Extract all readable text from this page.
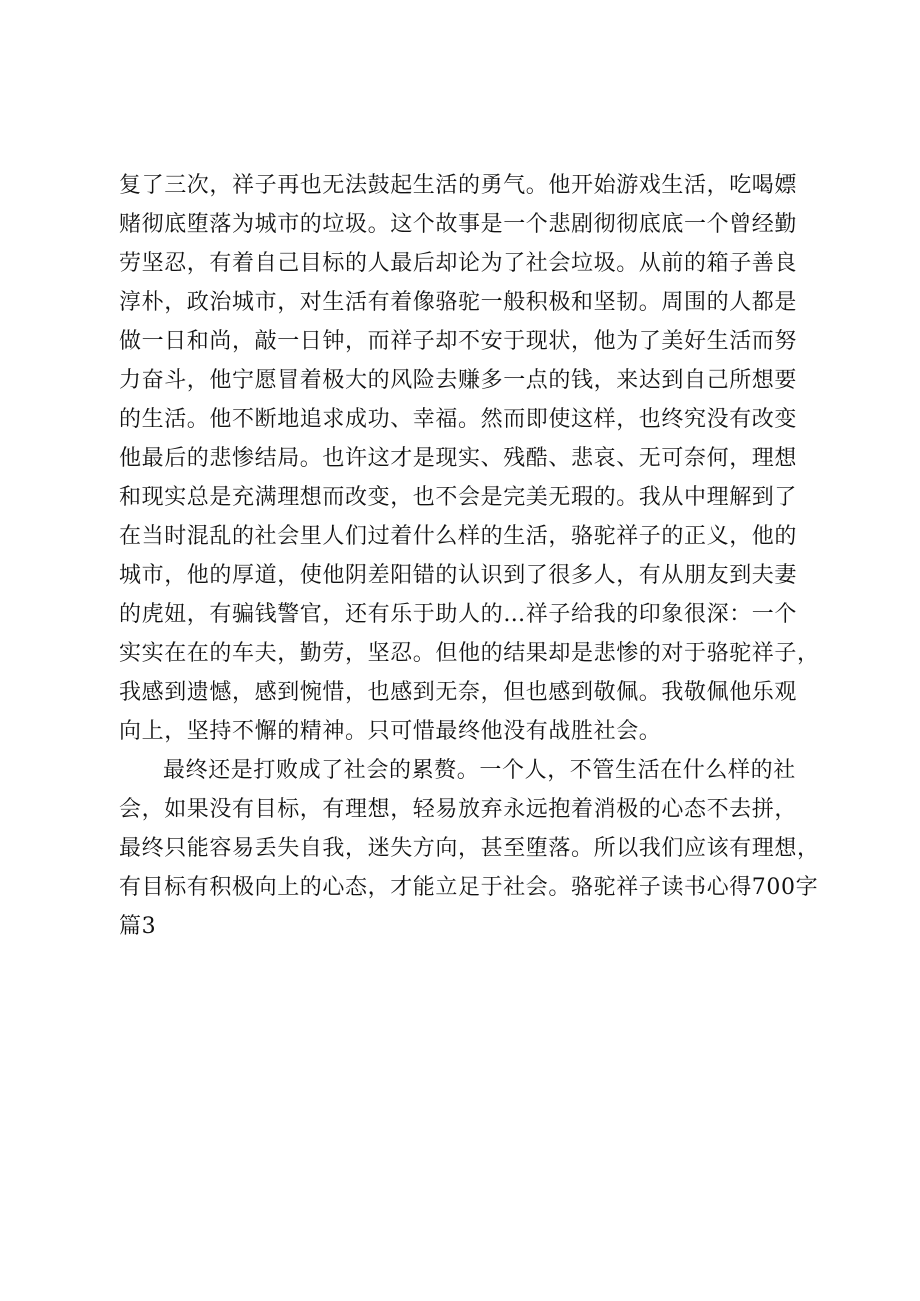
复了三次，祥子再也无法鼓起生活的勇气。他开始游戏生活，吃喝嫖
赌彻底堕落为城市的垃圾。这个故事是一个悲剧彻彻底底一个曾经勤
劳坚忍，有着自己目标的人最后却论为了社会垃圾。从前的箱子善良
淳朴，政治城市，对生活有着像骆驼一般积极和坚韧。周围的人都是
做一日和尚，敲一日钟，而祥子却不安于现状，他为了美好生活而努
力奋斗，他宁愿冒着极大的风险去赚多一点的钱，来达到自己所想要
的生活。他不断地追求成功、幸福。然而即使这样，也终究没有改变
他最后的悲惨结局。也许这才是现实、残酷、悲哀、无可奈何，理想
和现实总是充满理想而改变，也不会是完美无瑕的。我从中理解到了
在当时混乱的社会里人们过着什么样的生活，骆驼祥子的正义，他的
城市，他的厚道，使他阴差阳错的认识到了很多人，有从朋友到夫妻
的虎妞，有骗钱警官，还有乐于助人的…祥子给我的印象很深：一个
实实在在的车夫，勤劳，坚忍。但他的结果却是悲惨的对于骆驼祥子，
我感到遗憾，感到惋惜，也感到无奈，但也感到敬佩。我敬佩他乐观
向上，坚持不懈的精神。只可惜最终他没有战胜社会。
最终还是打败成了社会的累赘。一个人，不管生活在什么样的社
会，如果没有目标，有理想，轻易放弃永远抱着消极的心态不去拼，
最终只能容易丢失自我，迷失方向，甚至堕落。所以我们应该有理想，
有目标有积极向上的心态，才能立足于社会。骆驼祥子读书心得700字
篇3
